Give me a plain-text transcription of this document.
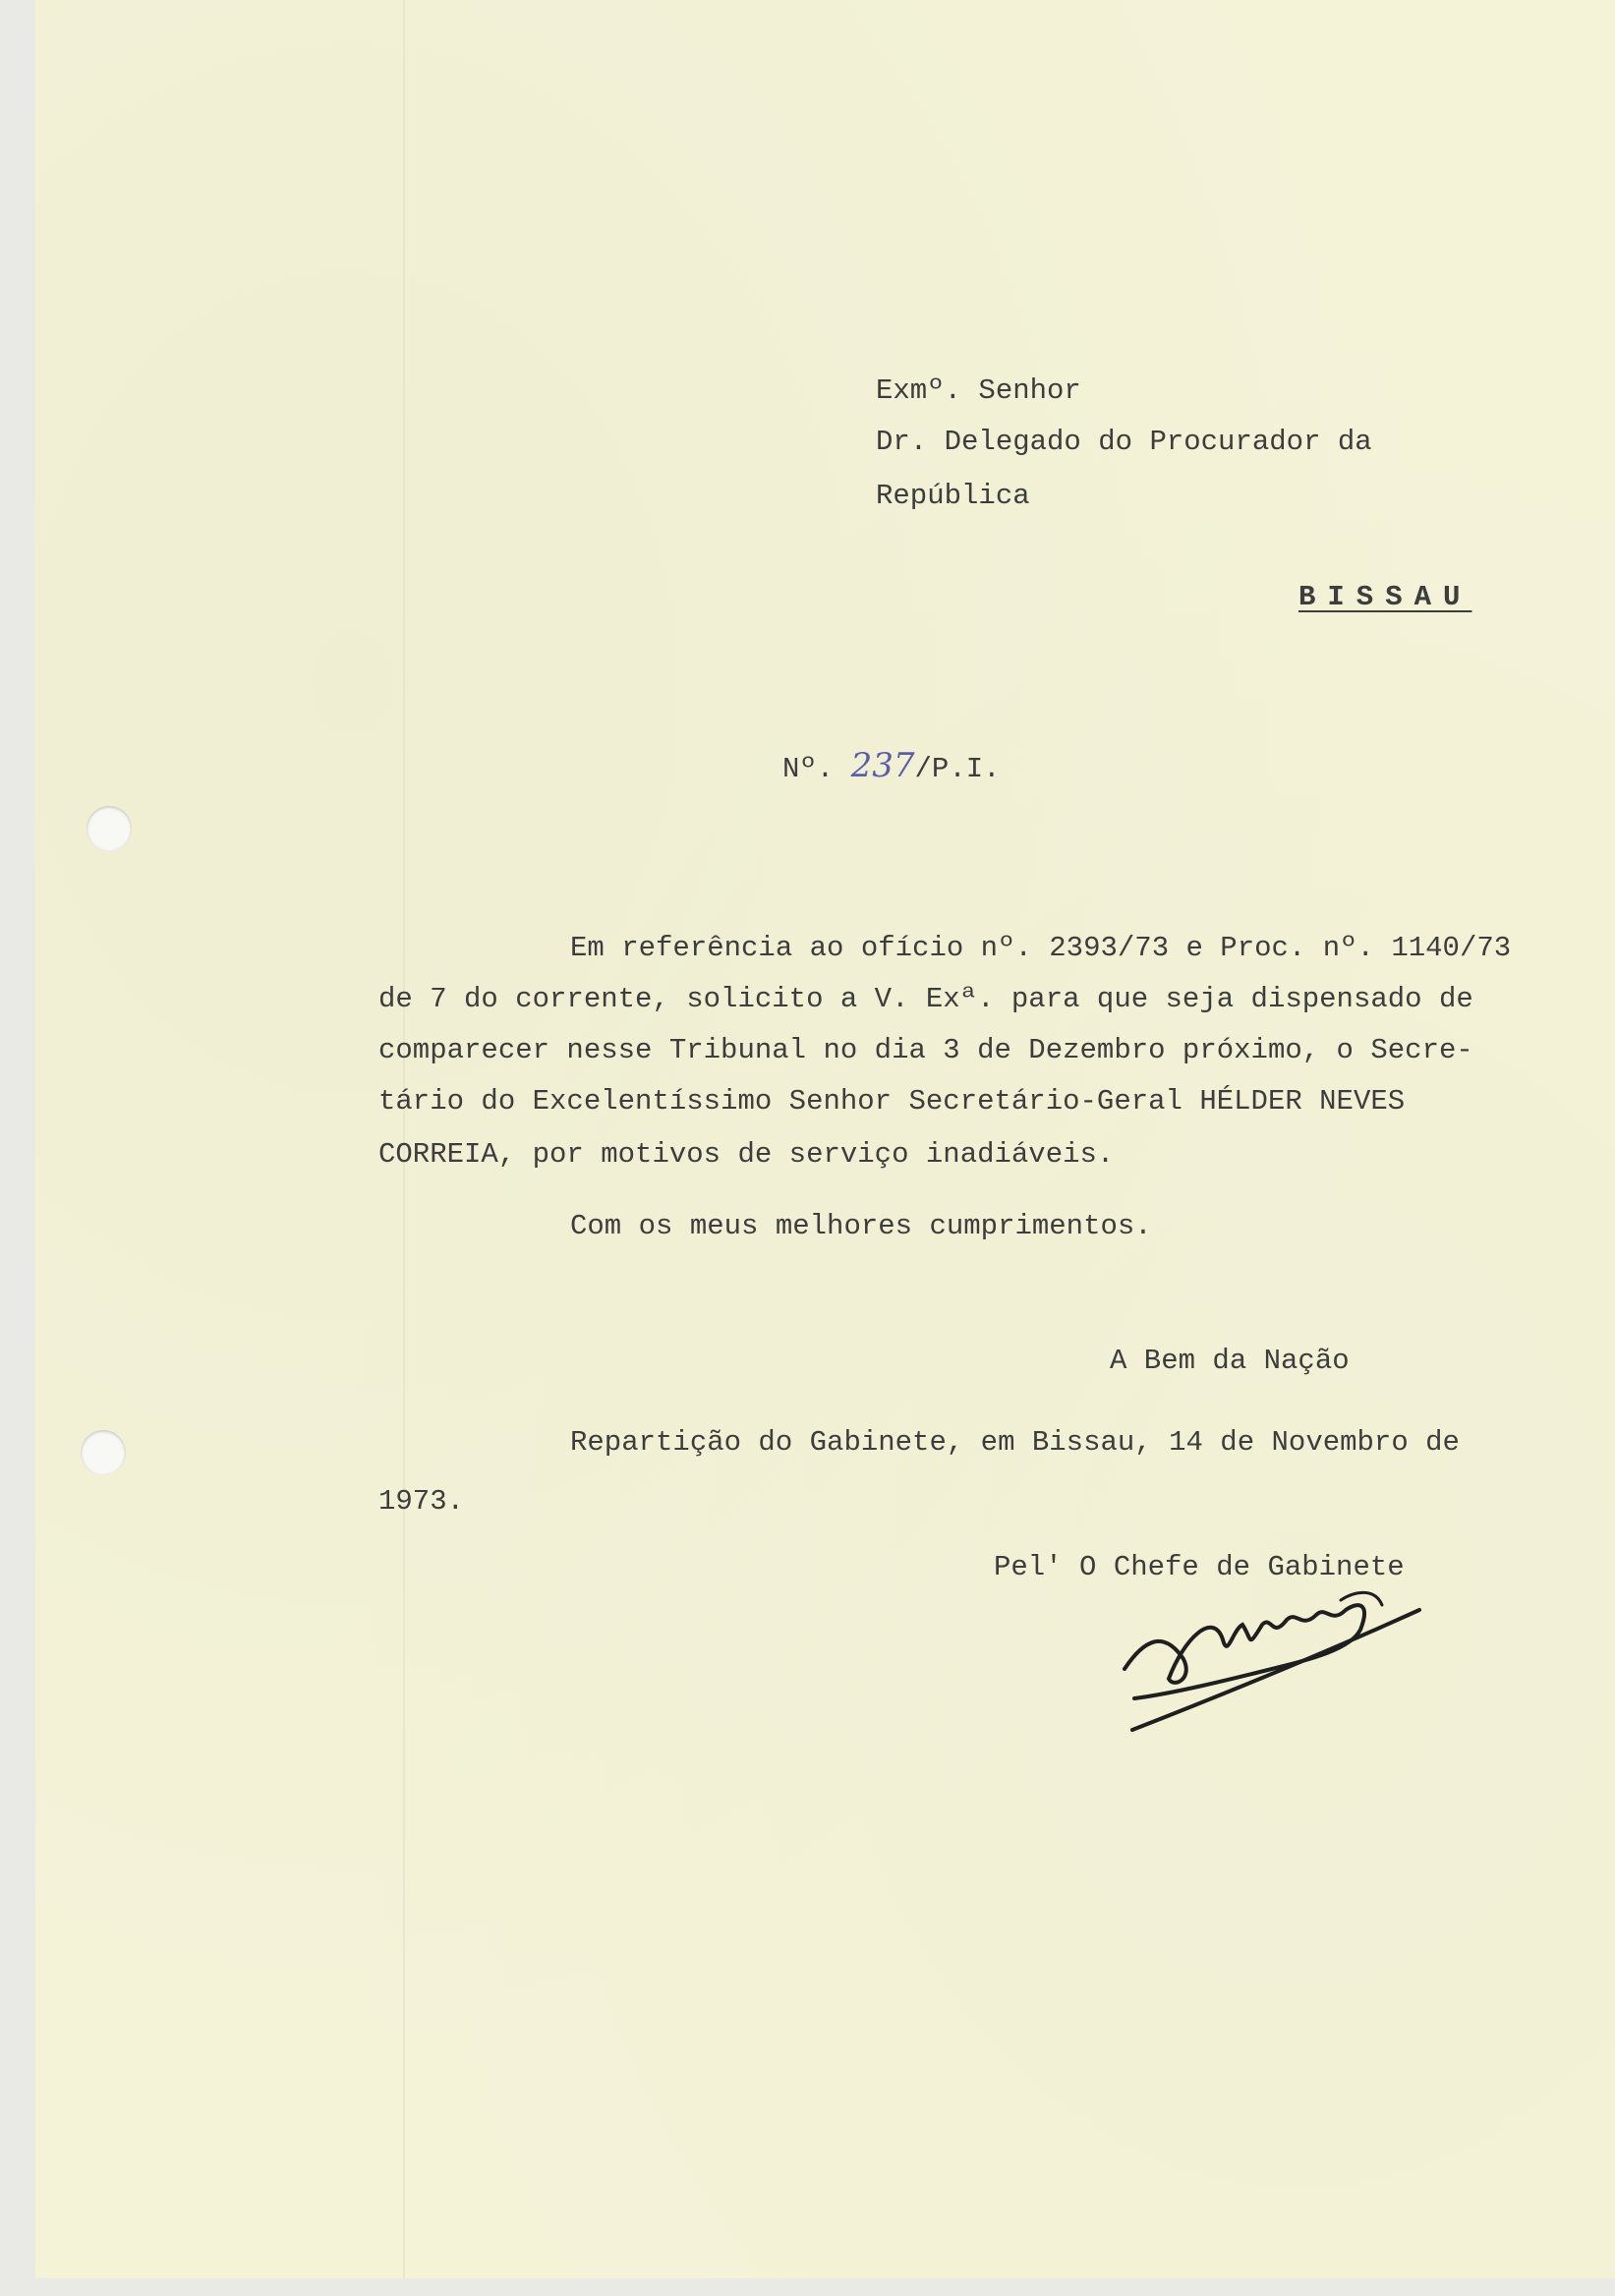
Exmº. Senhor
Dr. Delegado do Procurador da
República
BISSAU
Nº. 237/P.I.
Em referência ao ofício nº. 2393/73 e Proc. nº. 1140/73
de 7 do corrente, solicito a V. Exª. para que seja dispensado de
comparecer nesse Tribunal no dia 3 de Dezembro próximo, o Secre-
tário do Excelentíssimo Senhor Secretário-Geral HÉLDER NEVES
CORREIA, por motivos de serviço inadiáveis.
Com os meus melhores cumprimentos.
A Bem da Nação
Repartição do Gabinete, em Bissau, 14 de Novembro de
1973.
Pel' O Chefe de Gabinete
